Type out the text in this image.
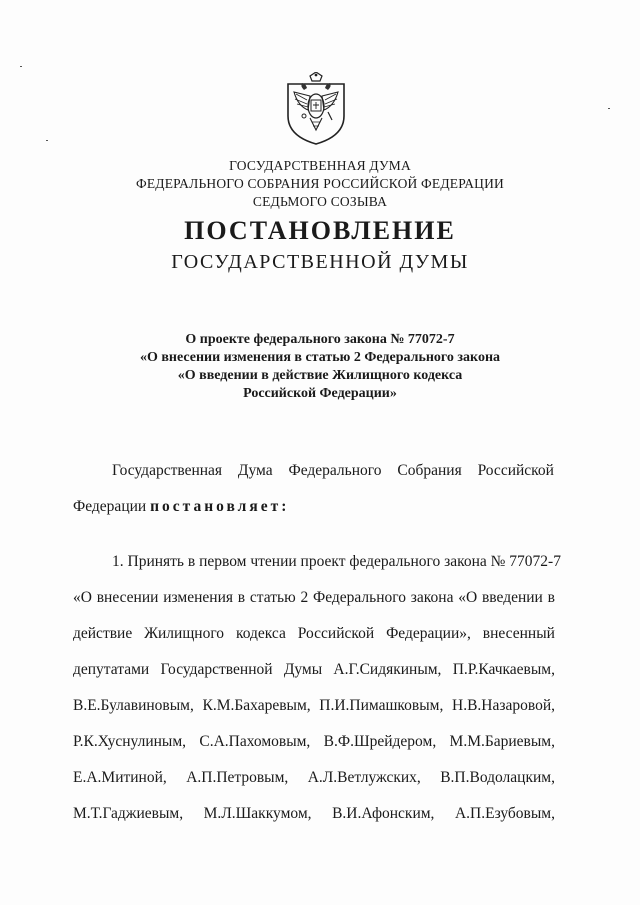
ГОСУДАРСТВЕННАЯ ДУМА
ФЕДЕРАЛЬНОГО СОБРАНИЯ РОССИЙСКОЙ ФЕДЕРАЦИИ
СЕДЬМОГО СОЗЫВА
ПОСТАНОВЛЕНИЕ
ГОСУДАРСТВЕННОЙ ДУМЫ
О проекте федерального закона № 77072-7
«О внесении изменения в статью 2 Федерального закона
«О введении в действие Жилищного кодекса
Российской Федерации»
Государственная Дума Федерального Собрания Российской
Федерации постановляет:
1. Принять в первом чтении проект федерального закона № 77072-7
«О внесении изменения в статью 2 Федерального закона «О введении в
действие Жилищного кодекса Российской Федерации», внесенный
депутатами Государственной Думы А.Г.Сидякиным, П.Р.Качкаевым,
В.Е.Булавиновым, К.М.Бахаревым, П.И.Пимашковым, Н.В.Назаровой,
Р.К.Хуснулиным, С.А.Пахомовым, В.Ф.Шрейдером, М.М.Бариевым,
Е.А.Митиной, А.П.Петровым, А.Л.Ветлужских, В.П.Водолацким,
М.Т.Гаджиевым, М.Л.Шаккумом, В.И.Афонским, А.П.Езубовым,
